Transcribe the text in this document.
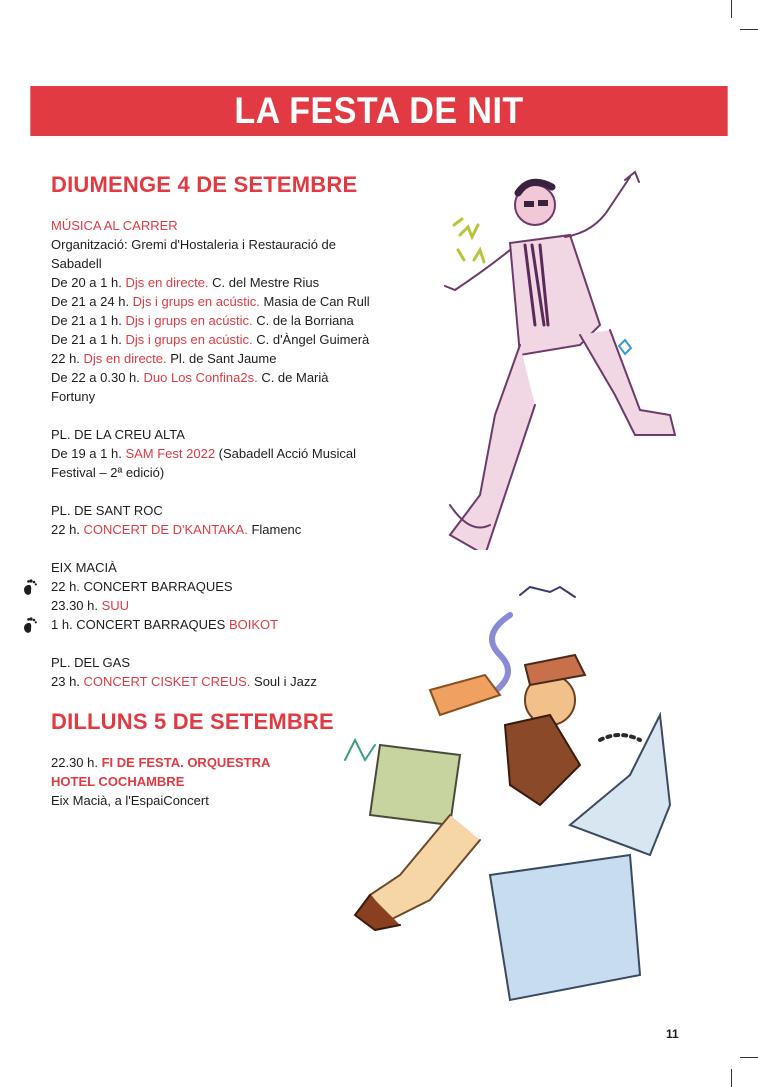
LA FESTA DE NIT
DIUMENGE 4 DE SETEMBRE
MÚSICA AL CARRER
Organització: Gremi d'Hostaleria i Restauració de Sabadell
De 20 a 1 h. Djs en directe. C. del Mestre Rius
De 21 a 24 h. Djs i grups en acústic. Masia de Can Rull
De 21 a 1 h. Djs i grups en acústic. C. de la Borriana
De 21 a 1 h. Djs i grups en acústic. C. d'Àngel Guimerà
22 h. Djs en directe. Pl. de Sant Jaume
De 22 a 0.30 h. Duo Los Confina2s. C. de Marià Fortuny
PL. DE LA CREU ALTA
De 19 a 1 h. SAM Fest 2022 (Sabadell Acció Musical Festival – 2ª edició)
PL. DE SANT ROC
22 h. CONCERT DE D'KANTAKA. Flamenc
EIX MACIÀ
22 h. CONCERT BARRAQUES
23.30 h. SUU
1 h. CONCERT BARRAQUES BOIKOT
PL. DEL GAS
23 h. CONCERT CISKET CREUS. Soul i Jazz
DILLUNS 5 DE SETEMBRE
22.30 h. FI DE FESTA. ORQUESTRA HOTEL COCHAMBRE
Eix Macià, a l'EspaiConcert
11
